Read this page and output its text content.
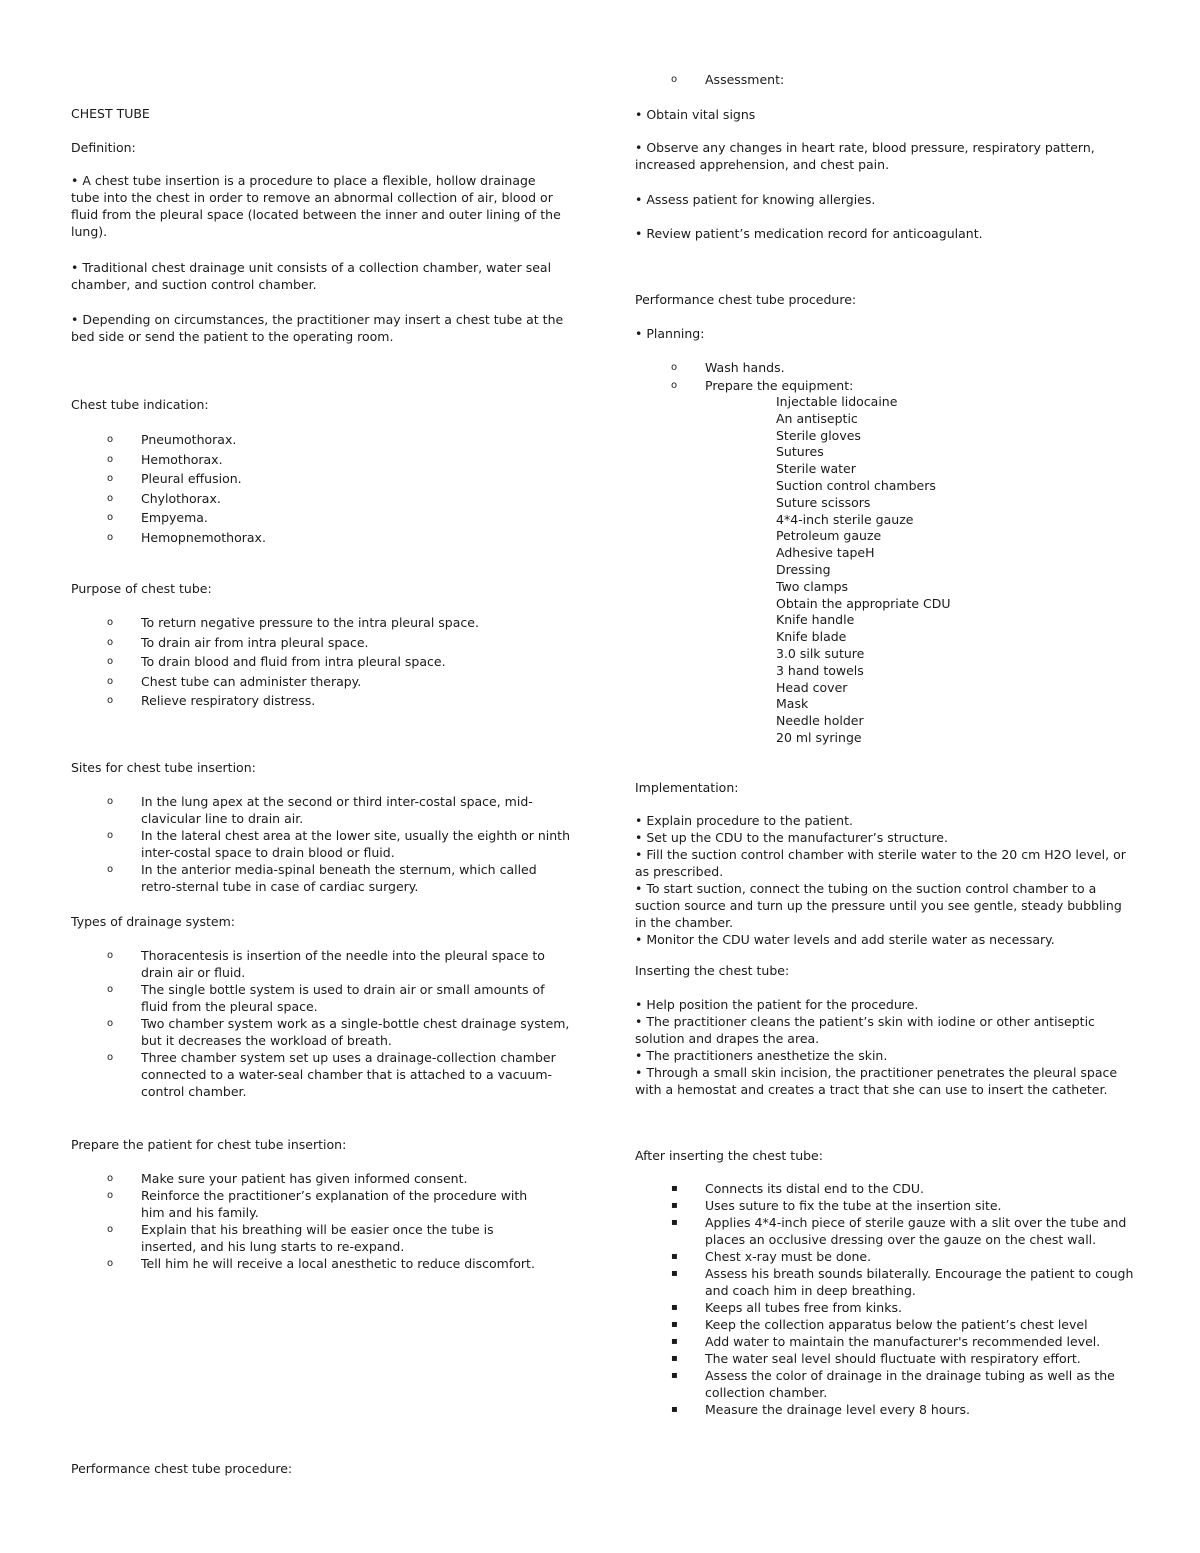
CHEST TUBE
Definition:
• A chest tube insertion is a procedure to place a flexible, hollow drainage tube into the chest in order to remove an abnormal collection of air, blood or fluid from the pleural space (located between the inner and outer lining of the lung).
• Traditional chest drainage unit consists of a collection chamber, water seal chamber, and suction control chamber.
• Depending on circumstances, the practitioner may insert a chest tube at the bed side or send the patient to the operating room.
Chest tube indication:
o Pneumothorax.
o Hemothorax.
o Pleural effusion.
o Chylothorax.
o Empyema.
o Hemopnemothorax.
Purpose of chest tube:
o To return negative pressure to the intra pleural space.
o To drain air from intra pleural space.
o To drain blood and fluid from intra pleural space.
o Chest tube can administer therapy.
o Relieve respiratory distress.
Sites for chest tube insertion:
o In the lung apex at the second or third inter-costal space, mid-clavicular line to drain air.
o In the lateral chest area at the lower site, usually the eighth or ninth inter-costal space to drain blood or fluid.
o In the anterior media-spinal beneath the sternum, which called retro-sternal tube in case of cardiac surgery.
Types of drainage system:
o Thoracentesis is insertion of the needle into the pleural space to drain air or fluid.
o The single bottle system is used to drain air or small amounts of fluid from the pleural space.
o Two chamber system work as a single-bottle chest drainage system, but it decreases the workload of breath.
o Three chamber system set up uses a drainage-collection chamber connected to a water-seal chamber that is attached to a vacuum-control chamber.
Prepare the patient for chest tube insertion:
o Make sure your patient has given informed consent.
o Reinforce the practitioner’s explanation of the procedure with him and his family.
o Explain that his breathing will be easier once the tube is inserted, and his lung starts to re-expand.
o Tell him he will receive a local anesthetic to reduce discomfort.
Performance chest tube procedure:
o Assessment:
• Obtain vital signs
• Observe any changes in heart rate, blood pressure, respiratory pattern, increased apprehension, and chest pain.
• Assess patient for knowing allergies.
• Review patient’s medication record for anticoagulant.
Performance chest tube procedure:
• Planning:
o Wash hands.
o Prepare the equipment:
Injectable lidocaine
An antiseptic
Sterile gloves
Sutures
Sterile water
Suction control chambers
Suture scissors
4*4-inch sterile gauze
Petroleum gauze
Adhesive tapeH
Dressing
Two clamps
Obtain the appropriate CDU
Knife handle
Knife blade
3.0 silk suture
3 hand towels
Head cover
Mask
Needle holder
20 ml syringe
Implementation:

• Explain procedure to the patient.

• Set up the CDU to the manufacturer’s structure.

• Fill the suction control chamber with sterile water to the 20 cm H2O level, or as prescribed.

• To start suction, connect the tubing on the suction control chamber to a suction source and turn up the pressure until you see gentle, steady bubbling in the chamber.

• Monitor the CDU water levels and add sterile water as necessary.

Inserting the chest tube:

• Help position the patient for the procedure.

• The practitioner cleans the patient’s skin with iodine or other antiseptic solution and drapes the area.

• The practitioners anesthetize the skin.

• Through a small skin incision, the practitioner penetrates the pleural space with a hemostat and creates a tract that she can use to insert the catheter.

After inserting the chest tube:
▪ Connects its distal end to the CDU.
▪ Uses suture to fix the tube at the insertion site.
▪ Applies 4*4-inch piece of sterile gauze with a slit over the tube and places an occlusive dressing over the gauze on the chest wall.
▪ Chest x-ray must be done.
▪ Assess his breath sounds bilaterally. Encourage the patient to cough and coach him in deep breathing.
▪ Keeps all tubes free from kinks.
▪ Keep the collection apparatus below the patient’s chest level
▪ Add water to maintain the manufacturer's recommended level.
▪ The water seal level should fluctuate with respiratory effort.
▪ Assess the color of drainage in the drainage tubing as well as the collection chamber.
▪ Measure the drainage level every 8 hours.
